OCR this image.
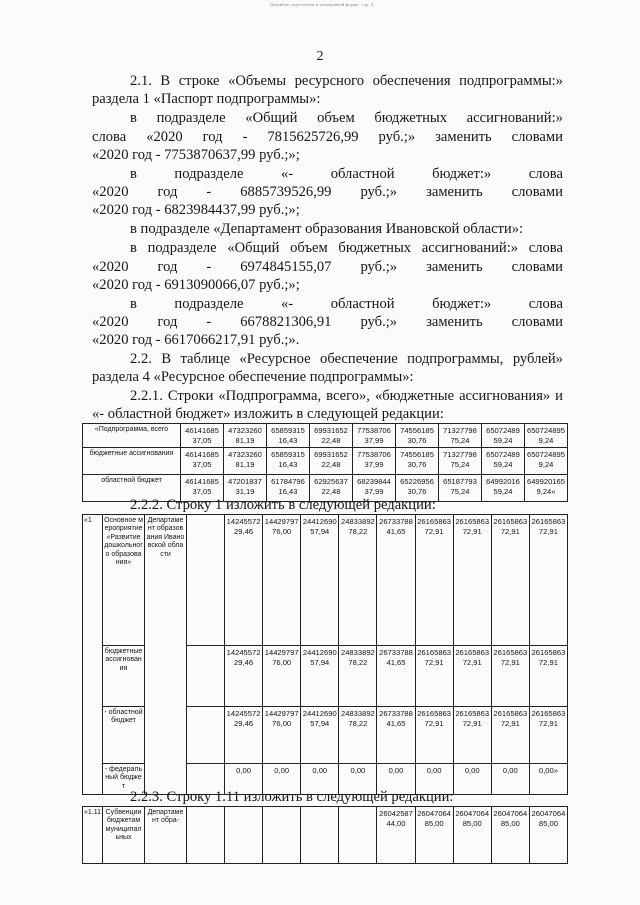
Документ подготовлен в электронной форме · стр. 2
2
2.1. В строке «Объемы ресурсного обеспечения подпрограммы:»
раздела 1 «Паспорт подпрограммы»:
в подразделе «Общий объем бюджетных ассигнований:»
слова «2020 год - 7815625726,99 руб.;» заменить словами
«2020 год - 7753870637,99 руб.;»;
в	подразделе	«-	областной	бюджет:»	слова
«2020 год - 6885739526,99 руб.;» заменить словами
«2020 год - 6823984437,99 руб.;»;
в подразделе «Департамент образования Ивановской области»:
в подразделе «Общий объем бюджетных ассигнований:» слова
«2020 год - 6974845155,07 руб.;» заменить словами
«2020 год - 6913090066,07 руб.;»;
в	подразделе	«-	областной	бюджет:»	слова
«2020 год - 6678821306,91 руб.;» заменить словами
«2020 год - 6617066217,91 руб.;».
2.2. В таблице «Ресурсное обеспечение подпрограммы, рублей»
раздела 4 «Ресурсное обеспечение подпрограммы»:
2.2.1. Строки «Подпрограмма, всего», «бюджетные ассигнования» и
«- областной бюджет» изложить в следующей редакции:
«Подпрограмма, всего	46141685 37,05	47323260 81,19	65859315 16,43	69931652 22,48	77538706 37,99	74556185 30,76	71327798 75,24	65072489 59,24	650724895 9,24
бюджетные ассигнования	46141685 37,05	47323260 81,19	65859315 16,43	69931652 22,48	77538706 37,99	74556185 30,76	71327798 75,24	65072489 59,24	650724895 9,24
областной бюджет	46141685 37,05	47201837 31,19	61784796 16,43	62925637 22,48	68239844 37,99	65226956 30,76	65187793 75,24	64992016 59,24	649920165 9,24»
2.2.2. Строку 1 изложить в следующей редакции:
«1	Основное мероприятие «Развитие дошкольного образования»	Департамент образования Ивановской области		14245572 29,46	14429797 76,00	24412690 57,94	24833892 78,22	26733788 41,65	26165863 72,91	26165863 72,91	26165863 72,91	26165863 72,91
	бюджетные ассигнования			14245572 29,46	14429797 76,00	24412690 57,94	24833892 78,22	26733788 41,65	26165863 72,91	26165863 72,91	26165863 72,91	26165863 72,91
	- областной бюджет			14245572 29,46	14429797 76,00	24412690 57,94	24833892 78,22	26733788 41,65	26165863 72,91	26165863 72,91	26165863 72,91	26165863 72,91
	- федеральный бюджет			0,00	0,00	0,00	0,00	0,00	0,00	0,00	0,00	0,00»
2.2.3. Строку 1.11 изложить в следующей редакции:
«1.11	Субвенции бюджетам муниципальных	Департамент обра-						26042587 44,00	26047064 85,00	26047064 85,00	26047064 85,00	26047064 85,00
